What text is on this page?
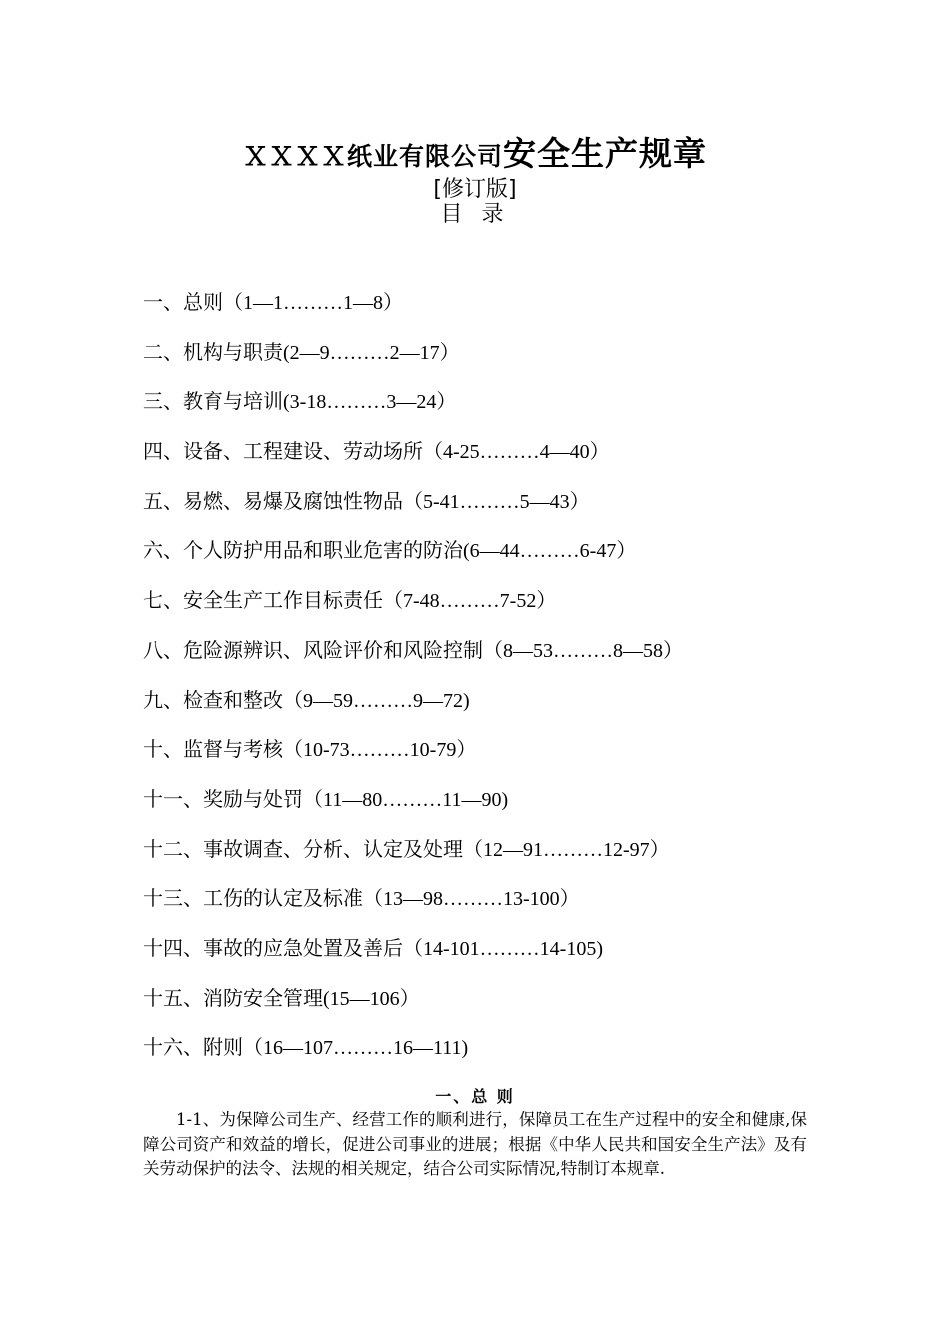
ＸＸＸＸ纸业有限公司安全生产规章
[修订版]
目 录
一、总则（1—1………1—8）
二、机构与职责(2—9………2—17）
三、教育与培训(3-18………3—24）
四、设备、工程建设、劳动场所（4-25………4—40）
五、易燃、易爆及腐蚀性物品（5-41………5—43）
六、个人防护用品和职业危害的防治(6—44………6-47）
七、安全生产工作目标责任（7-48………7-52）
八、危险源辨识、风险评价和风险控制（8—53………8—58）
九、检查和整改（9—59………9—72)
十、监督与考核（10-73………10-79）
十一、奖励与处罚（11—80………11—90)
十二、事故调查、分析、认定及处理（12—91………12-97）
十三、工伤的认定及标准（13—98………13-100）
十四、事故的应急处置及善后（14-101………14-105)
十五、消防安全管理(15—106）
十六、附则（16—107………16—111)
一、总 则
1-1、为保障公司生产、经营工作的顺利进行，保障员工在生产过程中的安全和健康,保障公司资产和效益的增长，促进公司事业的进展；根据《中华人民共和国安全生产法》及有关劳动保护的法令、法规的相关规定，结合公司实际情况,特制订本规章.
